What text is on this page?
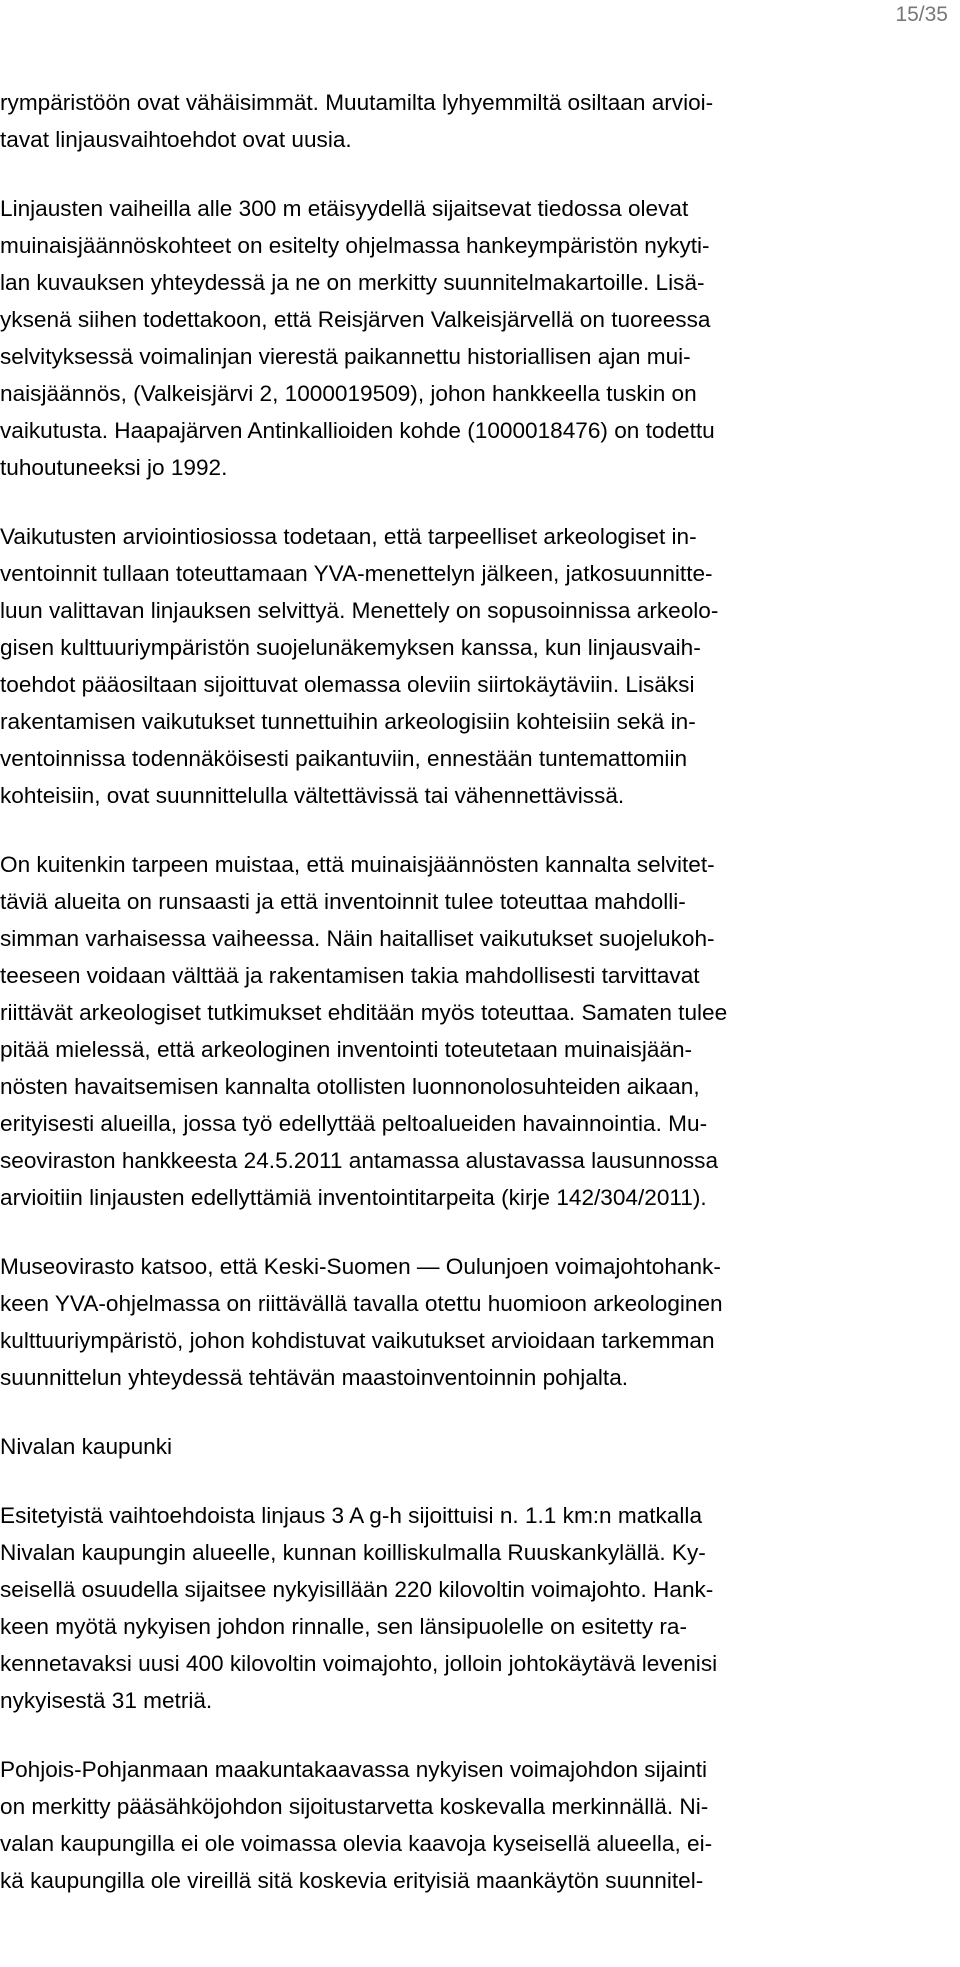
15/35
rympäristöön ovat vähäisimmät. Muutamilta lyhyemmiltä osiltaan arvioi-
tavat linjausvaihtoehdot ovat uusia.
Linjausten vaiheilla alle 300 m etäisyydellä sijaitsevat tiedossa olevat
muinaisjäännöskohteet on esitelty ohjelmassa hankeympäristön nykyti-
lan kuvauksen yhteydessä ja ne on merkitty suunnitelmakartoille. Lisä-
yksenä siihen todettakoon, että Reisjärven Valkeisjärvellä on tuoreessa
selvityksessä voimalinjan vierestä paikannettu historiallisen ajan mui-
naisjäännös, (Valkeisjärvi 2, 1000019509), johon hankkeella tuskin on
vaikutusta. Haapajärven Antinkallioiden kohde (1000018476) on todettu
tuhoutuneeksi jo 1992.
Vaikutusten arviointiosiossa todetaan, että tarpeelliset arkeologiset in-
ventoinnit tullaan toteuttamaan YVA-menettelyn jälkeen, jatkosuunnitte-
luun valittavan linjauksen selvittyä. Menettely on sopusoinnissa arkeolo-
gisen kulttuuriympäristön suojelunäkemyksen kanssa, kun linjausvaih-
toehdot pääosiltaan sijoittuvat olemassa oleviin siirtokäytäviin. Lisäksi
rakentamisen vaikutukset tunnettuihin arkeologisiin kohteisiin sekä in-
ventoinnissa todennäköisesti paikantuviin, ennestään tuntemattomiin
kohteisiin, ovat suunnittelulla vältettävissä tai vähennettävissä.
On kuitenkin tarpeen muistaa, että muinaisjäännösten kannalta selvitet-
täviä alueita on runsaasti ja että inventoinnit tulee toteuttaa mahdolli-
simman varhaisessa vaiheessa. Näin haitalliset vaikutukset suojelukoh-
teeseen voidaan välttää ja rakentamisen takia mahdollisesti tarvittavat
riittävät arkeologiset tutkimukset ehditään myös toteuttaa. Samaten tulee
pitää mielessä, että arkeologinen inventointi toteutetaan muinaisjään-
nösten havaitsemisen kannalta otollisten luonnonolosuhteiden aikaan,
erityisesti alueilla, jossa työ edellyttää peltoalueiden havainnointia. Mu-
seoviraston hankkeesta 24.5.2011 antamassa alustavassa lausunnossa
arvioitiin linjausten edellyttämiä inventointitarpeita (kirje 142/304/2011).
Museovirasto katsoo, että Keski-Suomen — Oulunjoen voimajohtohank-
keen YVA-ohjelmassa on riittävällä tavalla otettu huomioon arkeologinen
kulttuuriympäristö, johon kohdistuvat vaikutukset arvioidaan tarkemman
suunnittelun yhteydessä tehtävän maastoinventoinnin pohjalta.
Nivalan kaupunki
Esitetyistä vaihtoehdoista linjaus 3 A g-h sijoittuisi n. 1.1 km:n matkalla
Nivalan kaupungin alueelle, kunnan koilliskulmalla Ruuskankylällä. Ky-
seisellä osuudella sijaitsee nykyisillään 220 kilovoltin voimajohto. Hank-
keen myötä nykyisen johdon rinnalle, sen länsipuolelle on esitetty ra-
kennetavaksi uusi 400 kilovoltin voimajohto, jolloin johtokäytävä levenisi
nykyisestä 31 metriä.
Pohjois-Pohjanmaan maakuntakaavassa nykyisen voimajohdon sijainti
on merkitty pääsähköjohdon sijoitustarvetta koskevalla merkinnällä. Ni-
valan kaupungilla ei ole voimassa olevia kaavoja kyseisellä alueella, ei-
kä kaupungilla ole vireillä sitä koskevia erityisiä maankäytön suunnitel-
